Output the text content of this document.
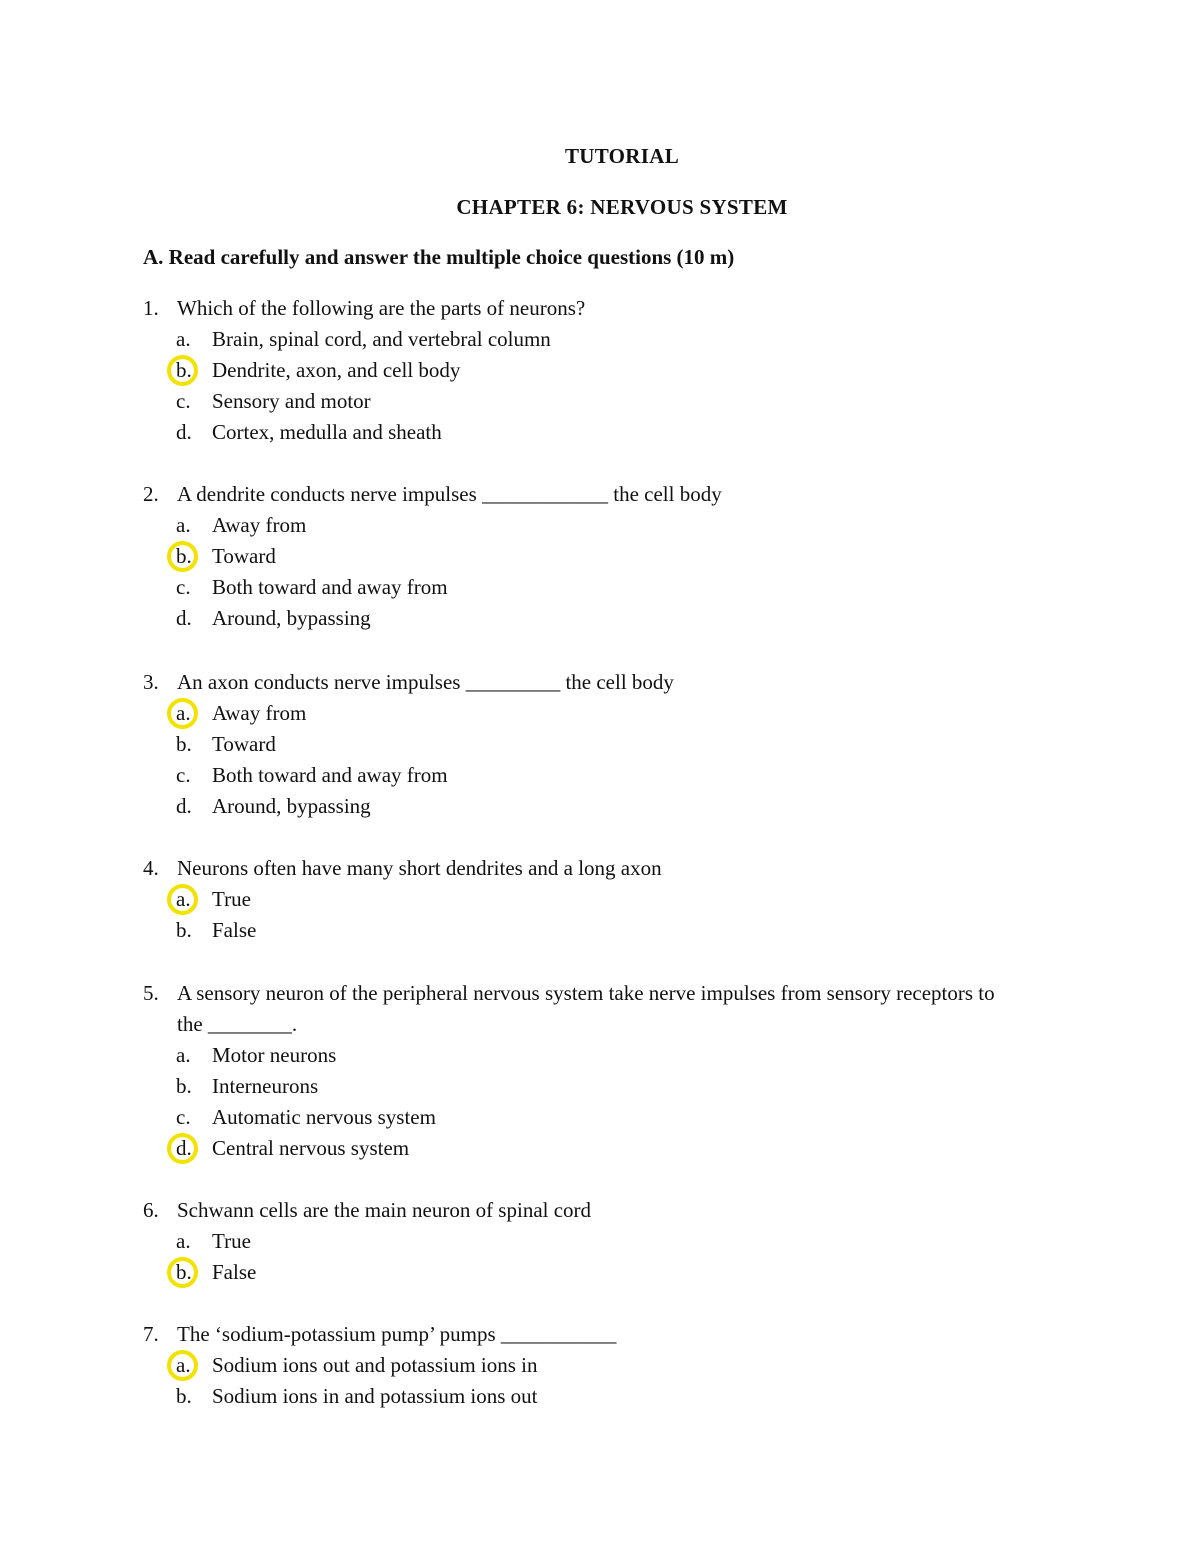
TUTORIAL
CHAPTER 6: NERVOUS SYSTEM
A. Read carefully and answer the multiple choice questions (10 m)
1. Which of the following are the parts of neurons?
a. Brain, spinal cord, and vertebral column
b. Dendrite, axon, and cell body
c. Sensory and motor
d. Cortex, medulla and sheath
2. A dendrite conducts nerve impulses ____________ the cell body
a. Away from
b. Toward
c. Both toward and away from
d. Around, bypassing
3. An axon conducts nerve impulses _________ the cell body
a. Away from
b. Toward
c. Both toward and away from
d. Around, bypassing
4. Neurons often have many short dendrites and a long axon
a. True
b. False
5. A sensory neuron of the peripheral nervous system take nerve impulses from sensory receptors to
the ________.
a. Motor neurons
b. Interneurons
c. Automatic nervous system
d. Central nervous system
6. Schwann cells are the main neuron of spinal cord
a. True
b. False
7. The ‘sodium-potassium pump’ pumps ___________
a. Sodium ions out and potassium ions in
b. Sodium ions in and potassium ions out
